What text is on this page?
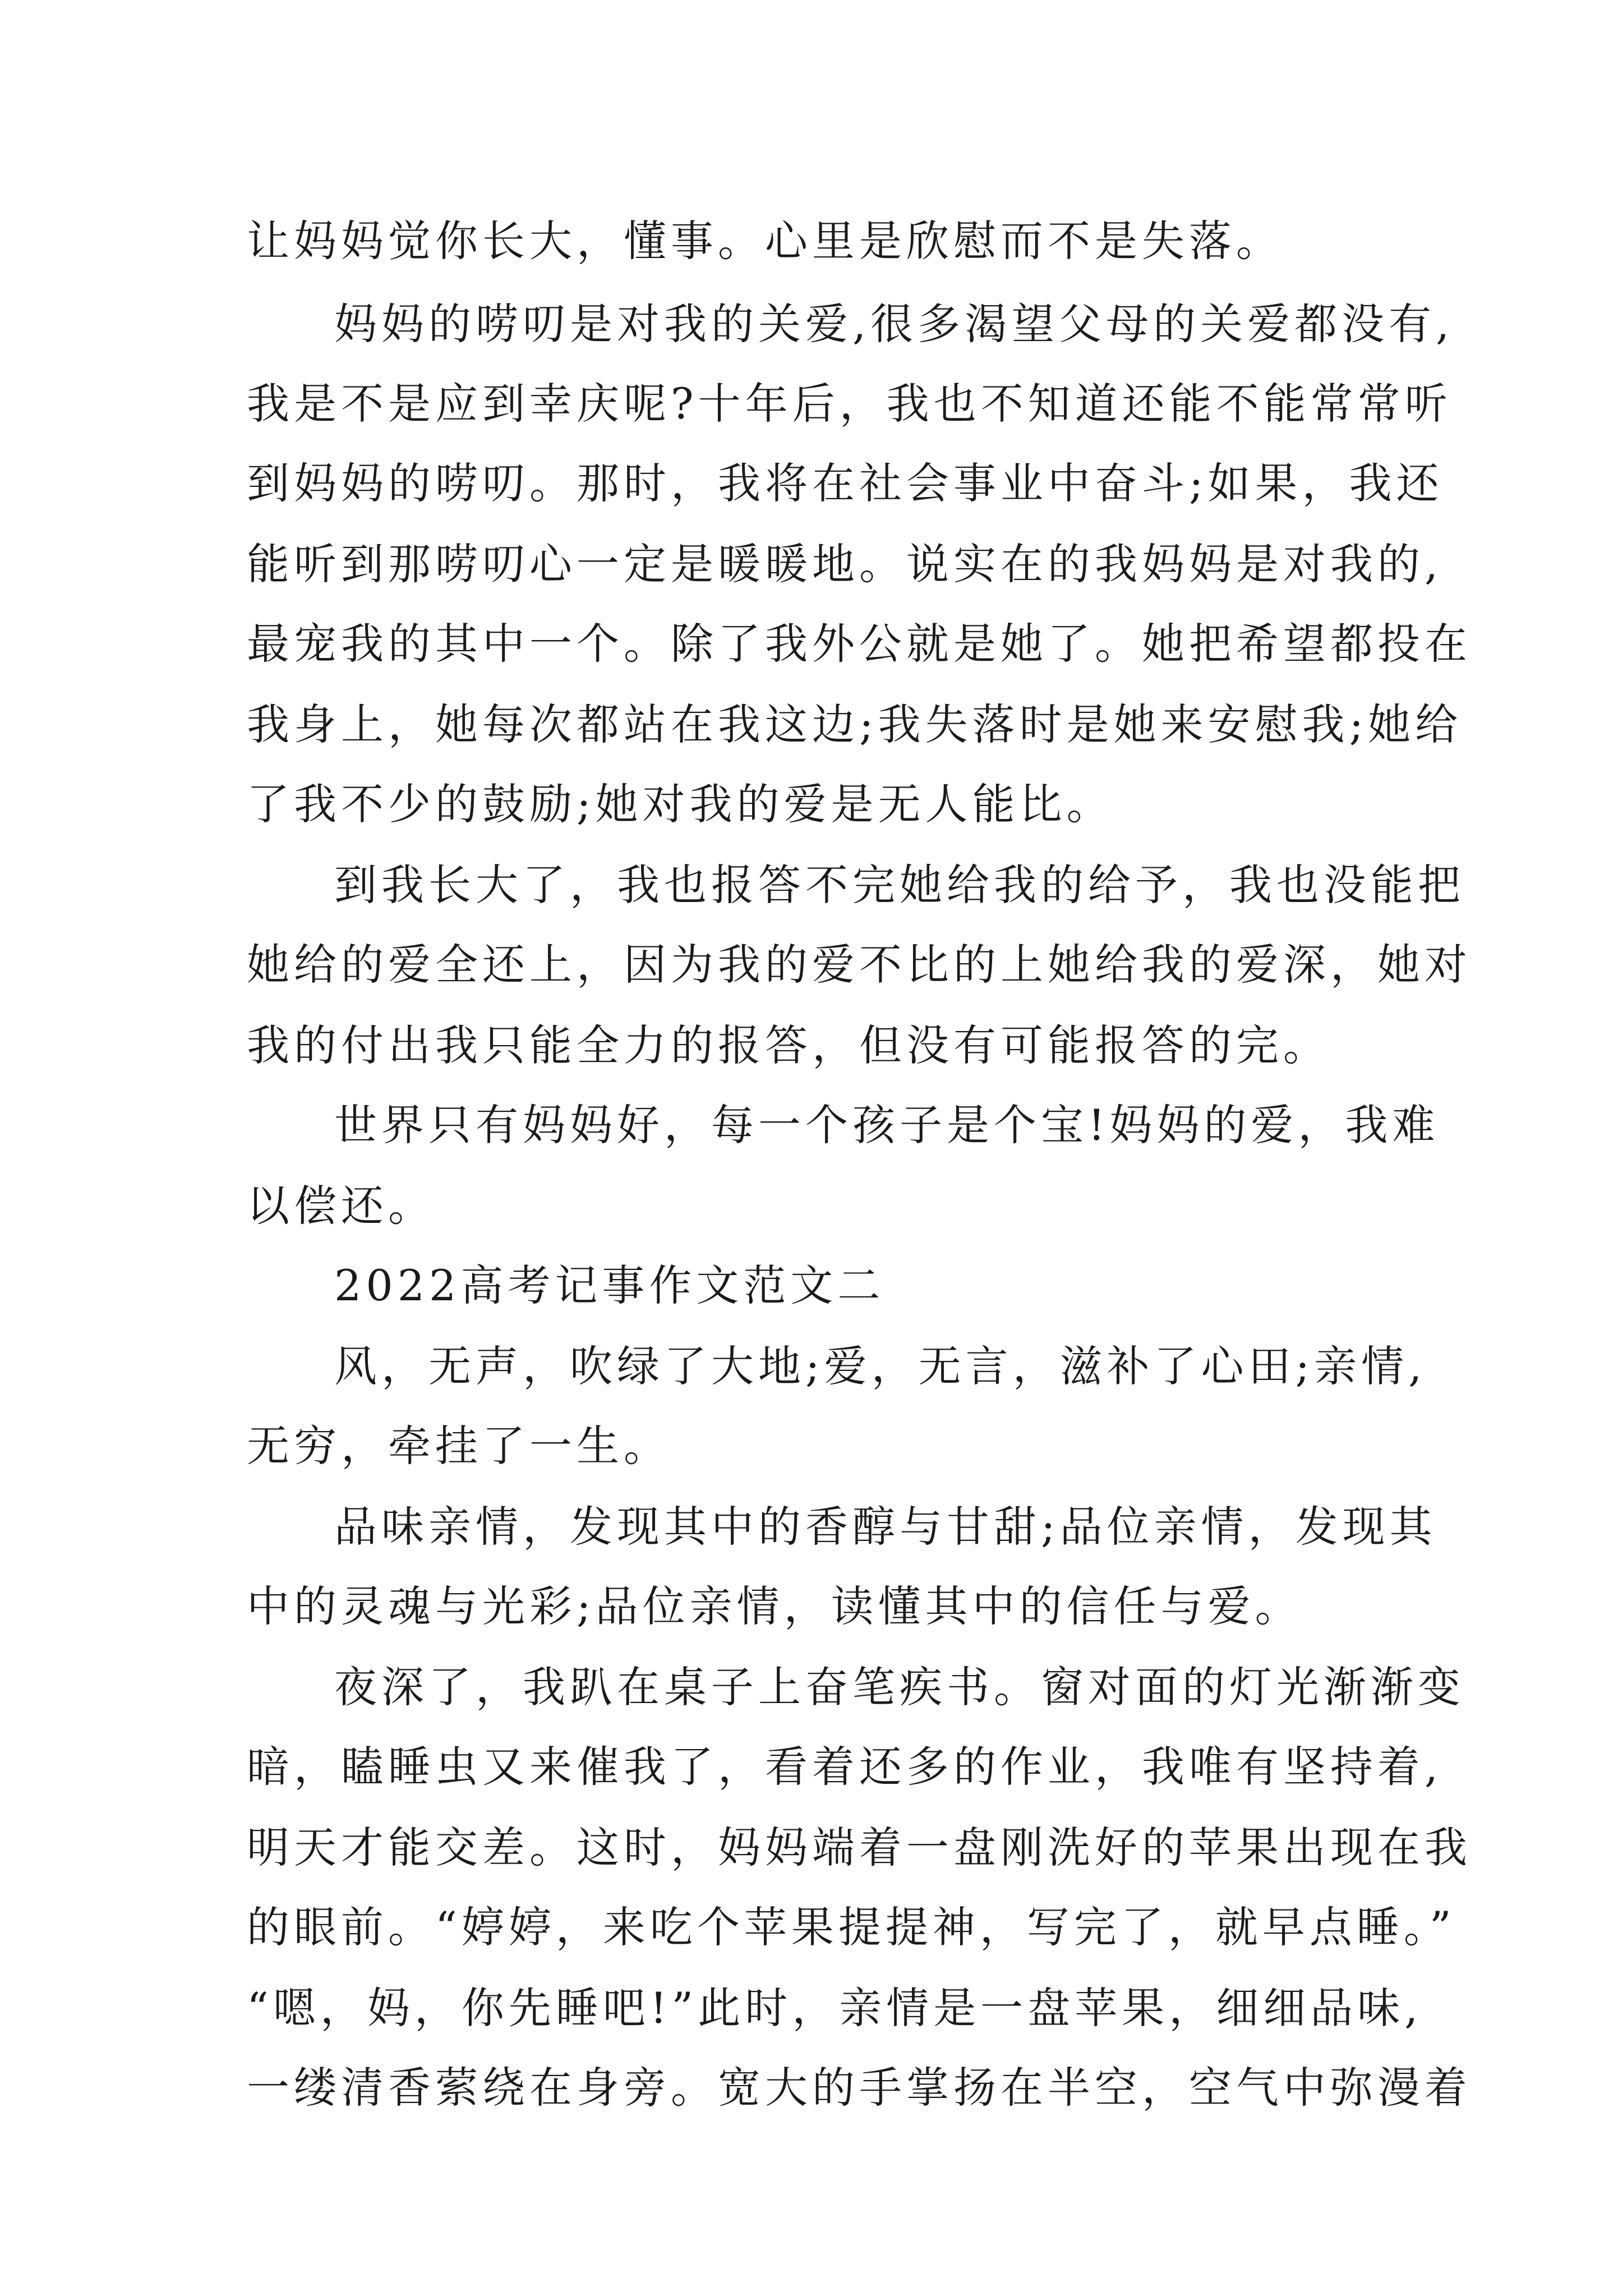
让妈妈觉你长大，懂事。心里是欣慰而不是失落。
妈妈的唠叨是对我的关爱,很多渴望父母的关爱都没有,
我是不是应到幸庆呢?十年后，我也不知道还能不能常常听
到妈妈的唠叨。那时，我将在社会事业中奋斗;如果，我还
能听到那唠叨心一定是暖暖地。说实在的我妈妈是对我的,
最宠我的其中一个。除了我外公就是她了。她把希望都投在
我身上，她每次都站在我这边;我失落时是她来安慰我;她给
了我不少的鼓励;她对我的爱是无人能比。
到我长大了，我也报答不完她给我的给予，我也没能把
她给的爱全还上，因为我的爱不比的上她给我的爱深，她对
我的付出我只能全力的报答，但没有可能报答的完。
世界只有妈妈好，每一个孩子是个宝!妈妈的爱，我难
以偿还。
2022高考记事作文范文二
风，无声，吹绿了大地;爱，无言，滋补了心田;亲情,
无穷，牵挂了一生。
品味亲情，发现其中的香醇与甘甜;品位亲情，发现其
中的灵魂与光彩;品位亲情，读懂其中的信任与爱。
夜深了，我趴在桌子上奋笔疾书。窗对面的灯光渐渐变
暗，瞌睡虫又来催我了，看着还多的作业，我唯有坚持着,
明天才能交差。这时，妈妈端着一盘刚洗好的苹果出现在我
的眼前。“婷婷，来吃个苹果提提神，写完了，就早点睡。”
“嗯，妈，你先睡吧!”此时，亲情是一盘苹果，细细品味,
一缕清香萦绕在身旁。宽大的手掌扬在半空，空气中弥漫着
